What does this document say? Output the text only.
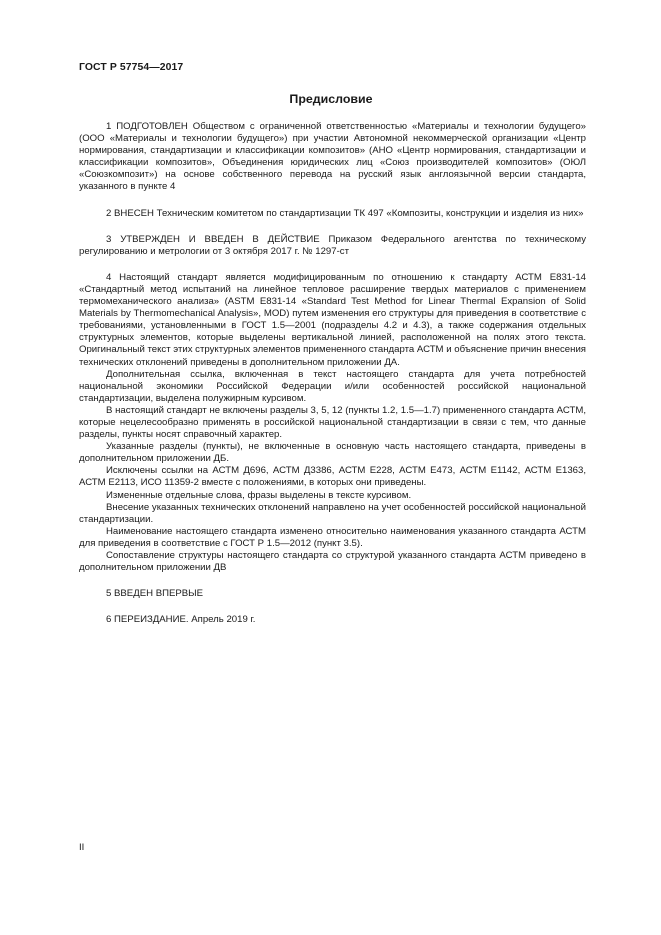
ГОСТ Р 57754—2017
Предисловие

1 ПОДГОТОВЛЕН Обществом с ограниченной ответственностью «Материалы и технологии будущего» (ООО «Материалы и технологии будущего») при участии Автономной некоммерческой организации «Центр нормирования, стандартизации и классификации композитов» (АНО «Центр нормирования, стандартизации и классификации композитов», Объединения юридических лиц «Союз производителей композитов» (ОЮЛ «Союзкомпозит») на основе собственного перевода на русский язык англоязычной версии стандарта, указанного в пункте 4

2 ВНЕСЕН Техническим комитетом по стандартизации ТК 497 «Композиты, конструкции и изделия из них»

3 УТВЕРЖДЕН И ВВЕДЕН В ДЕЙСТВИЕ Приказом Федерального агентства по техническому регулированию и метрологии от 3 октября 2017 г. № 1297-ст

4 Настоящий стандарт является модифицированным по отношению к стандарту АСТМ Е831-14 «Стандартный метод испытаний на линейное тепловое расширение твердых материалов с применением термомеханического анализа» (ASTM E831-14 «Standard Test Method for Linear Thermal Expansion of Solid Materials by Thermomechanical Analysis», MOD) путем изменения его структуры для приведения в соответствие с требованиями, установленными в ГОСТ 1.5—2001 (подразделы 4.2 и 4.3), а также содержания отдельных структурных элементов, которые выделены вертикальной линией, расположенной на полях этого текста. Оригинальный текст этих структурных элементов примененного стандарта АСТМ и объяснение причин внесения технических отклонений приведены в дополнительном приложении ДА.

Дополнительная ссылка, включенная в текст настоящего стандарта для учета потребностей национальной экономики Российской Федерации и/или особенностей российской национальной стандартизации, выделена полужирным курсивом.

В настоящий стандарт не включены разделы 3, 5, 12 (пункты 1.2, 1.5—1.7) примененного стандарта АСТМ, которые нецелесообразно применять в российской национальной стандартизации в связи с тем, что данные разделы, пункты носят справочный характер.

Указанные разделы (пункты), не включенные в основную часть настоящего стандарта, приведены в дополнительном приложении ДБ.

Исключены ссылки на АСТМ Д696, АСТМ Д3386, АСТМ Е228, АСТМ Е473, АСТМ Е1142, АСТМ Е1363, АСТМ Е2113, ИСО 11359-2 вместе с положениями, в которых они приведены.

Измененные отдельные слова, фразы выделены в тексте курсивом.

Внесение указанных технических отклонений направлено на учет особенностей российской национальной стандартизации.

Наименование настоящего стандарта изменено относительно наименования указанного стандарта АСТМ для приведения в соответствие с ГОСТ Р 1.5—2012 (пункт 3.5).

Сопоставление структуры настоящего стандарта со структурой указанного стандарта АСТМ приведено в дополнительном приложении ДВ

5 ВВЕДЕН ВПЕРВЫЕ

6 ПЕРЕИЗДАНИЕ. Апрель 2019 г.

II
